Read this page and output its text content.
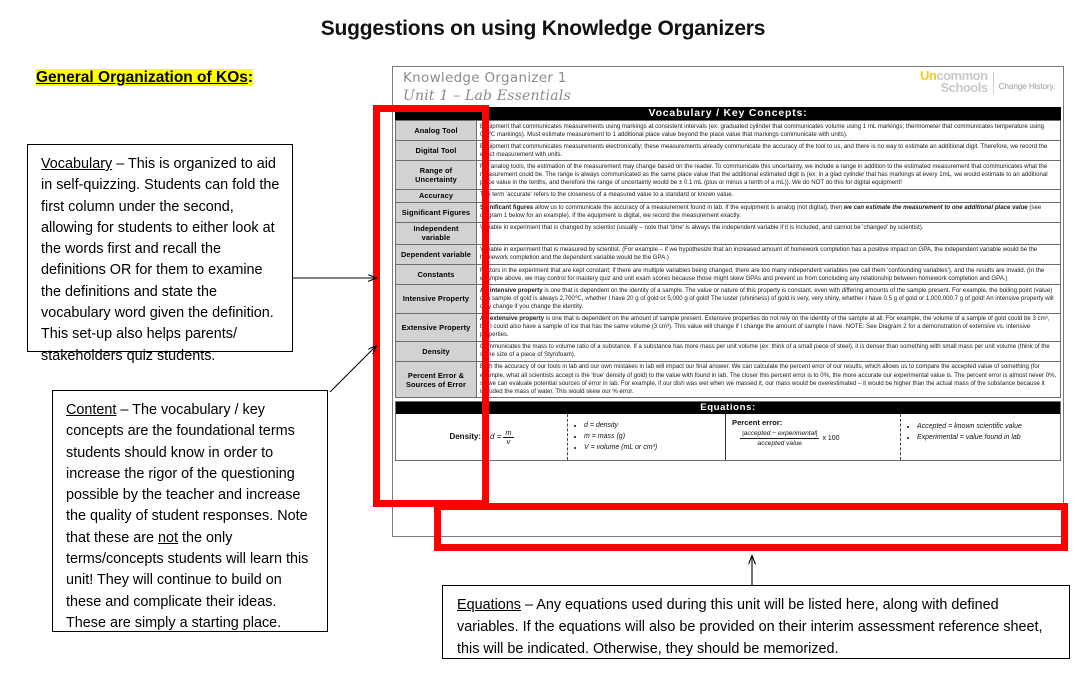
Suggestions on using Knowledge Organizers
General Organization of KOs:
Vocabulary – This is organized to aid in self-quizzing. Students can fold the first column under the second, allowing for students to either look at the words first and recall the definitions OR for them to examine the definitions and state the vocabulary word given the definition. This set-up also helps parents/ stakeholders quiz students.
Content – The vocabulary / key concepts are the foundational terms students should know in order to increase the rigor of the questioning possible by the teacher and increase the quality of student responses. Note that these are not the only terms/concepts students will learn this unit! They will continue to build on these and complicate their ideas. These are simply a starting place.
Equations – Any equations used during this unit will be listed here, along with defined variables. If the equations will also be provided on their interim assessment reference sheet, this will be indicated. Otherwise, they should be memorized.
Knowledge Organizer 1
Unit 1 – Lab Essentials
Uncommon
Schools Change History.
Vocabulary / Key Concepts:
Analog Tool	Equipment that communicates measurements using markings at consistent intervals (ex: graduated cylinder that communicates volume using 1 mL markings; thermometer that communicates temperature using 0.1℃ markings). Must estimate measurement to 1 additional place value beyond the place value that markings communicate with units).
Digital Tool	Equipment that communicates measurements electronically; these measurements already communicate the accuracy of the tool to us, and there is no way to estimate an additional digit. Therefore, we record the exact measurement with units.
Range of Uncertainty	For analog tools, the estimation of the measurement may change based on the reader. To communicate this uncertainty, we include a range in addition to the estimated measurement that communicates what the measurement could be. The range is always communicated as the same place value that the additional estimated digit is (ex: in a glad cylinder that has markings at every 1mL, we would estimate to an additional place value in the tenths, and therefore the range of uncertainty would be ± 0.1 mL (plus or minus a tenth of a mL)). We do NOT do this for digital equipment!
Accuracy	The term 'accurate' refers to the closeness of a measured value to a standard or known value.
Significant Figures	Significant figures allow us to communicate the accuracy of a measurement found in lab. If the equipment is analog (not digital), then we can estimate the measurement to one additional place value (see diagram 1 below for an example). If the equipment is digital, we record the measurement exactly.
Independent variable	Variable in experiment that is changed by scientist (usually – note that 'time' is always the independent variable if it is included, and cannot be 'changed' by scientist).
Dependent variable	Variable in experiment that is measured by scientist. (For example – if we hypothesize that an increased amount of homework completion has a positive impact on GPA, the independent variable would be the homework completion and the dependent variable would be the GPA.)
Constants	Factors in the experiment that are kept constant; if there are multiple variables being changed, there are too many independent variables (we call them 'confounding variables'), and the results are invalid. (In the example above, we may control for mastery quiz and unit exam scores because those might skew GPAs and prevent us from concluding any relationship between homework completion and GPA.)
Intensive Property	An intensive property is one that is dependent on the identity of a sample. The value or nature of this property is constant, even with differing amounts of the sample present. For example, the boiling point (value) of a sample of gold is always 2,700℃, whether I have 20 g of gold or 5,000 g of gold! The luster (shininess) of gold is very, very shiny, whether I have 0.5 g of gold or 1,000,000.7 g of gold! An intensive property will only change if you change the identity.
Extensive Property	An extensive property is one that is dependent on the amount of sample present. Extensive properties do not rely on the identity of the sample at all. For example, the volume of a sample of gold could be 3 cm³, but I could also have a sample of ice that has the same volume (3 cm³). This value will change if I change the amount of sample I have. NOTE: See Diagram 2 for a demonstration of extensive vs. intensive properties.
Density	Communicates the mass to volume ratio of a substance. If a substance has more mass per unit volume (ex: think of a small piece of steel), it is denser than something with small mass per unit volume (think of the same size of a piece of Styrofoam).
Percent Error & Sources of Error	Both the accuracy of our tools in lab and our own mistakes in lab will impact our final answer. We can calculate the percent error of our results, which allows us to compare the accepted value of something (for example, what all scientists accept is the 'true' density of gold) to the value with found in lab. The closer this percent error is to 0%, the more accurate our experimental value is. The percent error is almost never 0%, so we can evaluate potential sources of error in lab. For example, if our dish was wet when we massed it, our mass would be overestimated – it would be higher than the actual mass of the substance because it included the mass of water. This would skew our % error.
Equations:
Density: $d = \frac{m}{v}$
• d = density
• m = mass (g)
• V = volume (mL or cm³)
Percent error:
$\frac{\text{|accepted − experimental|}}{\text{accepted value}}$ x 100
• Accepted = known scientific value
• Experimental = value found in lab
